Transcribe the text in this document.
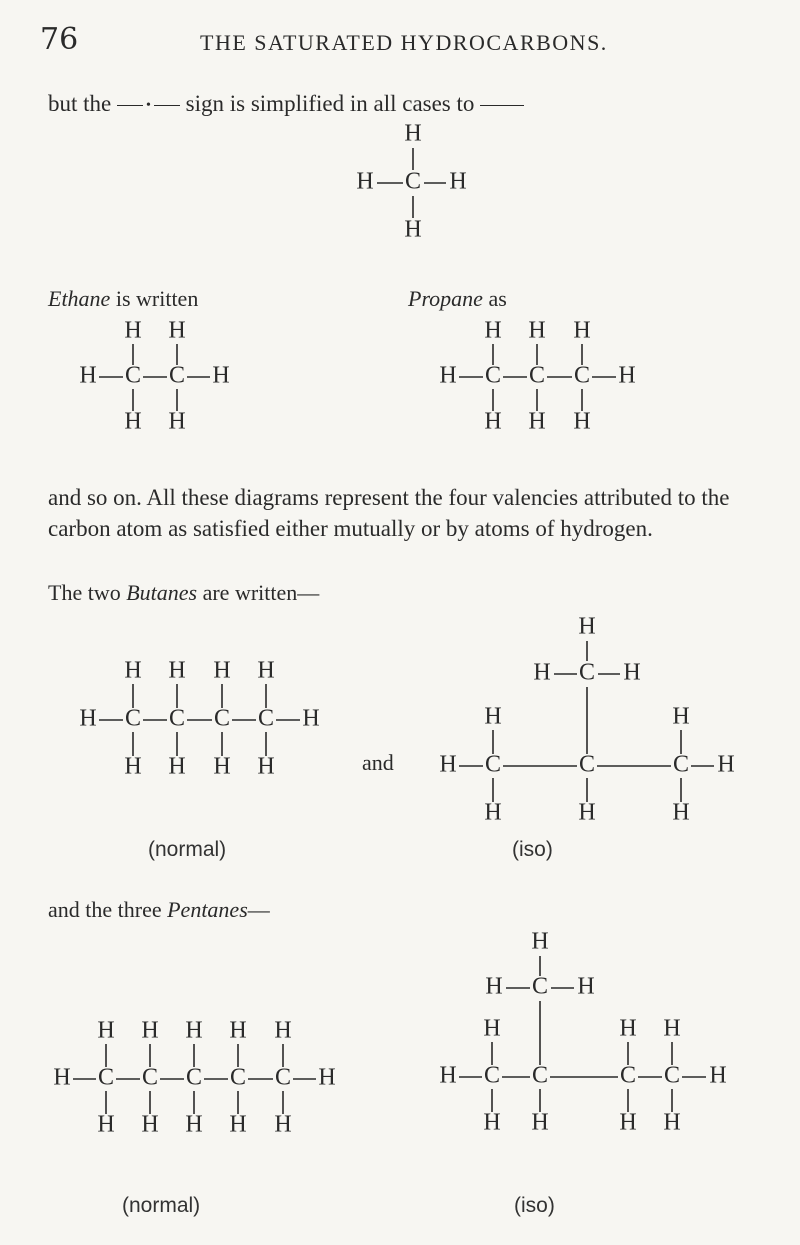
76	THE SATURATED HYDROCARBONS.
but the • sign is simplified in all cases to
Ethane is written	Propane as
and so on. All these diagrams represent the four valencies attributed to the carbon atom as satisfied either mutually or by atoms of hydrogen.
The two Butanes are written—
and
(normal)	(iso)
and the three Pentanes—
(normal)	(iso)
H
H C H
H
H	H
H
C
H
H
C
H
H	H
H
C
H
H
C
H
H
C
H
H	H
H
C
H
H
C
H
H
C
H
H
C
H
H
H C H
H	H
C
H
C
H
C
H
H	H
H	H
H
C
H
H
C
H
H
C
H
H
C
H
H
C
H
H
H C H
H	H
C
H
C
H
C
H
C
H
H	H H
